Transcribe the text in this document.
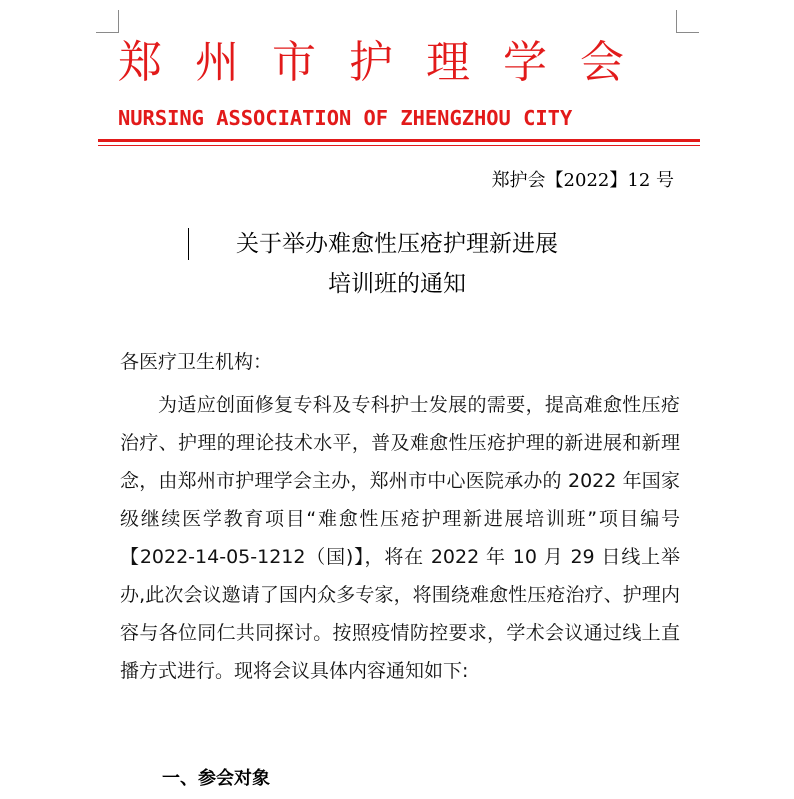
郑州市护理学会
NURSING ASSOCIATION OF ZHENGZHOU CITY
郑护会【2022】12 号
关于举办难愈性压疮护理新进展
培训班的通知
各医疗卫生机构：

为适应创面修复专科及专科护士发展的需要，提高难愈性压疮治疗、护理的理论技术水平，普及难愈性压疮护理的新进展和新理念，由郑州市护理学会主办，郑州市中心医院承办的 2022 年国家级继续医学教育项目“难愈性压疮护理新进展培训班”项目编号【2022-14-05-1212（国)】，将在 2022 年 10 月 29 日线上举办,此次会议邀请了国内众多专家，将围绕难愈性压疮治疗、护理内容与各位同仁共同探讨。按照疫情防控要求，学术会议通过线上直播方式进行。现将会议具体内容通知如下:

一、参会对象
